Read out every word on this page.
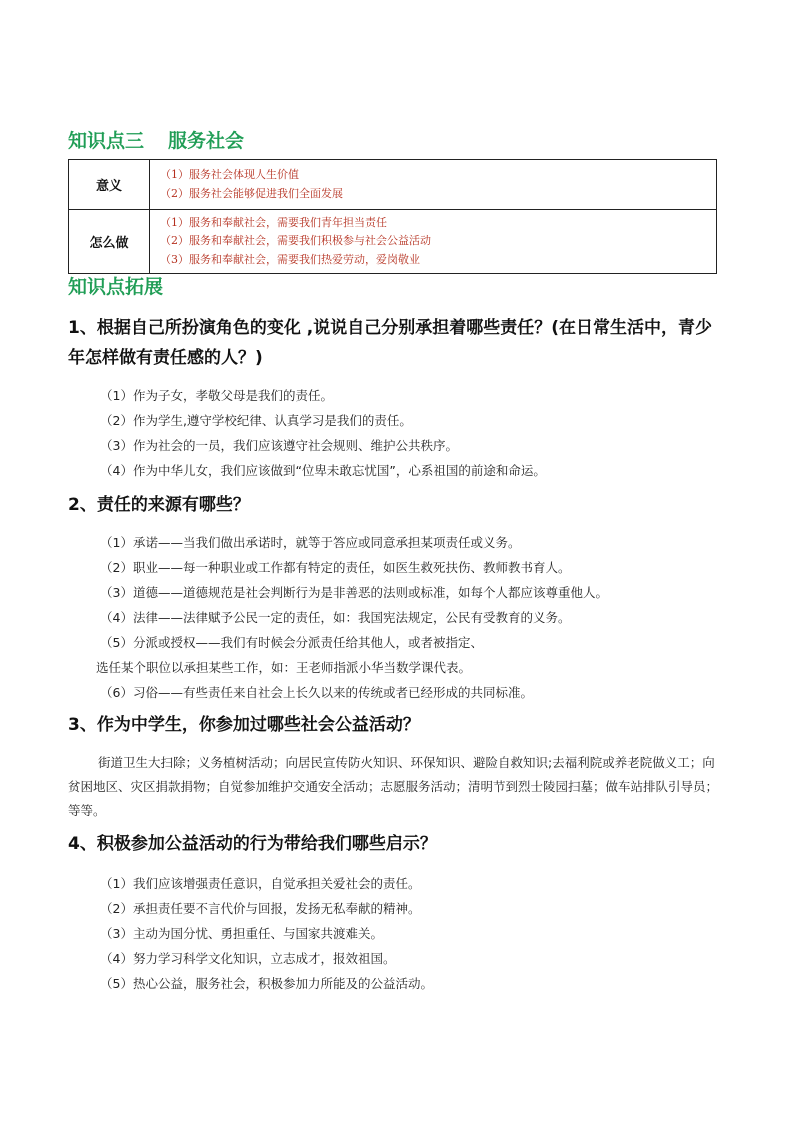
知识点三 服务社会
意义	（1）服务社会体现人生价值
（2）服务社会能够促进我们全面发展

怎么做	（1）服务和奉献社会，需要我们青年担当责任
（2）服务和奉献社会，需要我们积极参与社会公益活动
（3）服务和奉献社会，需要我们热爱劳动，爱岗敬业
知识点拓展
1、根据自己所扮演角色的变化 ,说说自己分别承担着哪些责任？(在日常生活中，青少年怎样做有责任感的人？)
（1）作为子女，孝敬父母是我们的责任。
（2）作为学生,遵守学校纪律、认真学习是我们的责任。
（3）作为社会的一员，我们应该遵守社会规则、维护公共秩序。
（4）作为中华儿女，我们应该做到“位卑未敢忘忧国”，心系祖国的前途和命运。
2、责任的来源有哪些？
（1）承诺——当我们做出承诺时，就等于答应或同意承担某项责任或义务。
（2）职业——每一种职业或工作都有特定的责任，如医生救死扶伤、教师教书育人。
（3）道德——道德规范是社会判断行为是非善恶的法则或标准，如每个人都应该尊重他人。
（4）法律——法律赋予公民一定的责任，如：我国宪法规定，公民有受教育的义务。
（5）分派或授权——我们有时候会分派责任给其他人，或者被指定、
选任某个职位以承担某些工作，如：王老师指派小华当数学课代表。
（6）习俗——有些责任来自社会上长久以来的传统或者已经形成的共同标准。
3、作为中学生，你参加过哪些社会公益活动？
街道卫生大扫除；义务植树活动；向居民宣传防火知识、环保知识、避险自救知识;去福利院或养老院做义工；向贫困地区、灾区捐款捐物；自觉参加维护交通安全活动；志愿服务活动；清明节到烈士陵园扫墓；做车站排队引导员；等等。
4、积极参加公益活动的行为带给我们哪些启示？
（1）我们应该增强责任意识，自觉承担关爱社会的责任。
（2）承担责任要不言代价与回报，发扬无私奉献的精神。
（3）主动为国分忧、勇担重任、与国家共渡难关。
（4）努力学习科学文化知识，立志成才，报效祖国。
（5）热心公益，服务社会，积极参加力所能及的公益活动。
